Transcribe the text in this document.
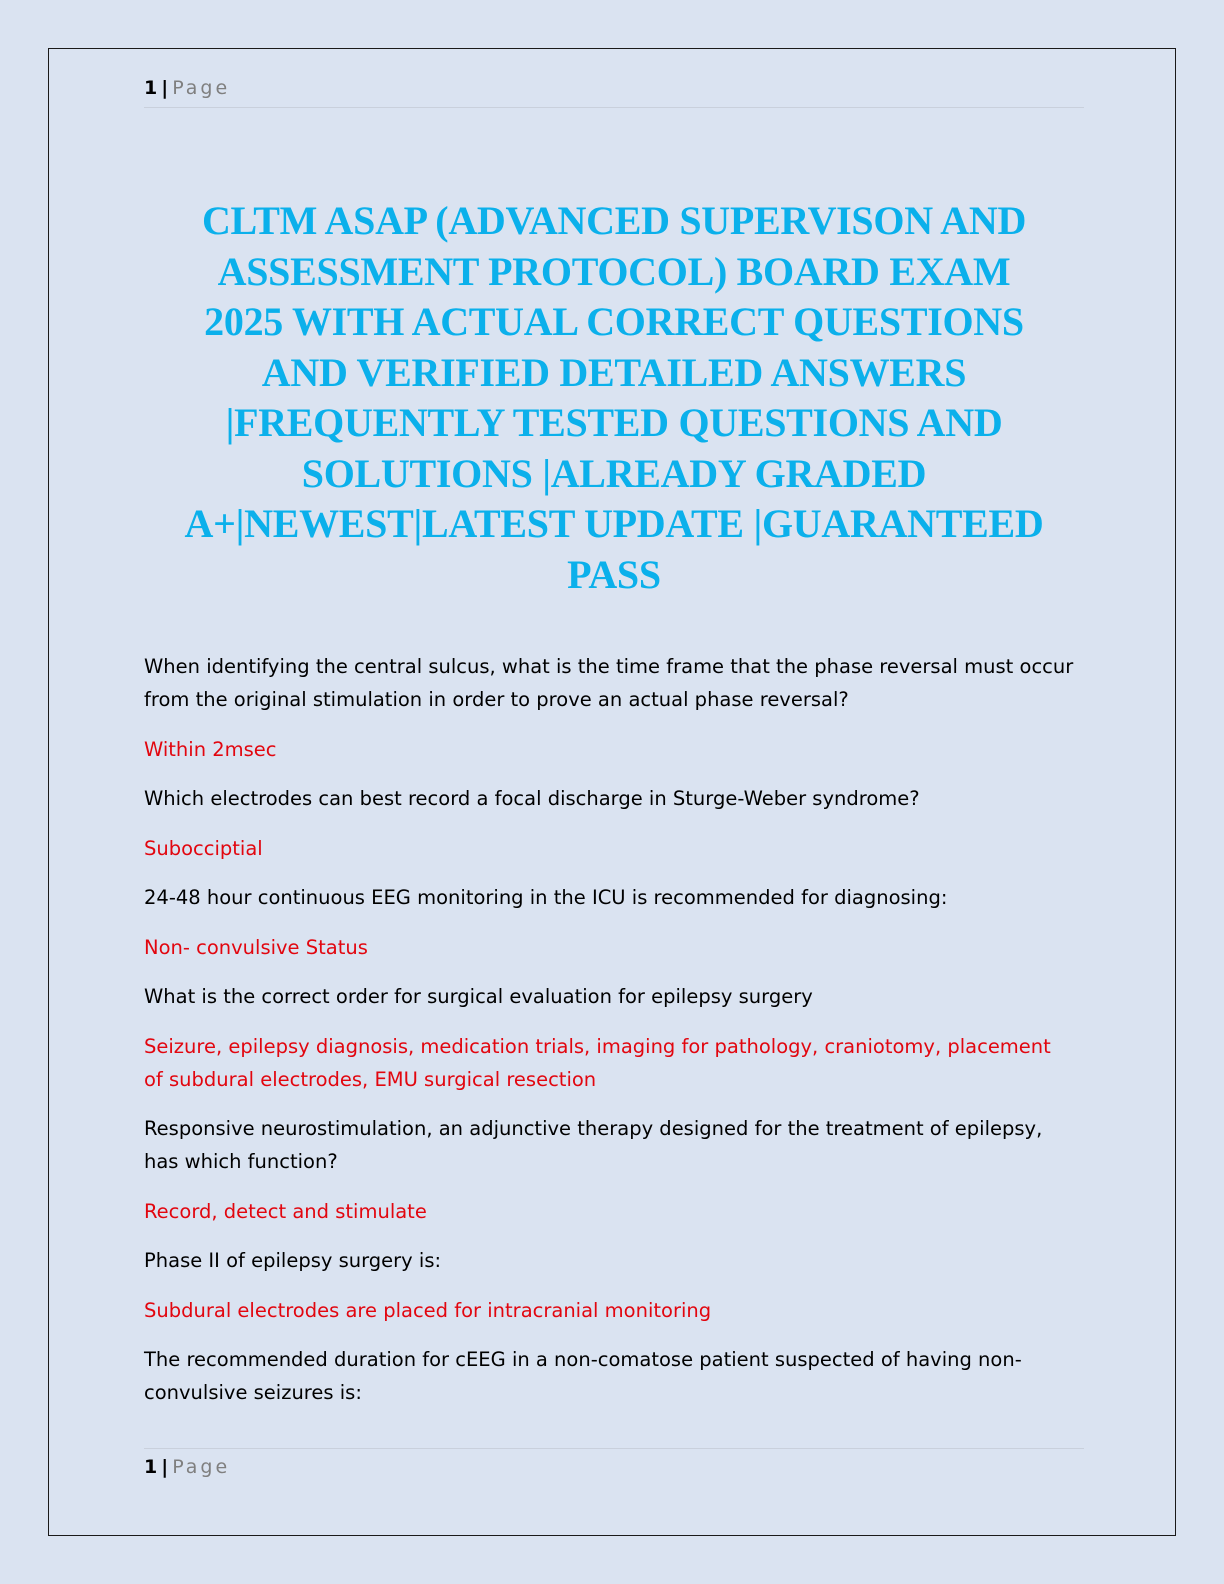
1 | Page
CLTM ASAP (ADVANCED SUPERVISON AND
ASSESSMENT PROTOCOL) BOARD EXAM
2025 WITH ACTUAL CORRECT QUESTIONS
AND VERIFIED DETAILED ANSWERS
|FREQUENTLY TESTED QUESTIONS AND
SOLUTIONS |ALREADY GRADED
A+|NEWEST|LATEST UPDATE |GUARANTEED
PASS

When identifying the central sulcus, what is the time frame that the phase reversal must occur from the original stimulation in order to prove an actual phase reversal?

Within 2msec

Which electrodes can best record a focal discharge in Sturge-Weber syndrome?

Subocciptial

24-48 hour continuous EEG monitoring in the ICU is recommended for diagnosing:

Non- convulsive Status

What is the correct order for surgical evaluation for epilepsy surgery

Seizure, epilepsy diagnosis, medication trials, imaging for pathology, craniotomy, placement of subdural electrodes, EMU surgical resection

Responsive neurostimulation, an adjunctive therapy designed for the treatment of epilepsy, has which function?

Record, detect and stimulate

Phase II of epilepsy surgery is:

Subdural electrodes are placed for intracranial monitoring

The recommended duration for cEEG in a non-comatose patient suspected of having non-convulsive seizures is:

1 | Page
